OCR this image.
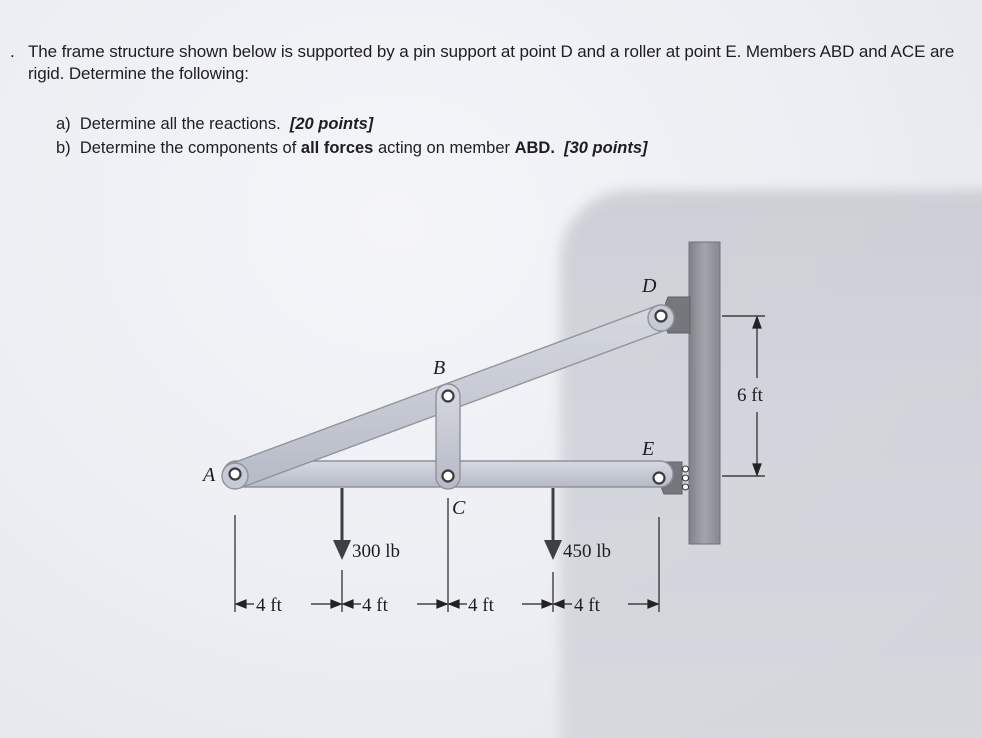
. The frame structure shown below is supported by a pin support at point D and a roller at point E. Members ABD and ACE are rigid. Determine the following:
a) Determine all the reactions. [20 points]
b) Determine the components of all forces acting on member ABD. [30 points]
A
B
C
D
E
300 lb	450 lb
6 ft
4 ft	4 ft	4 ft	4 ft
